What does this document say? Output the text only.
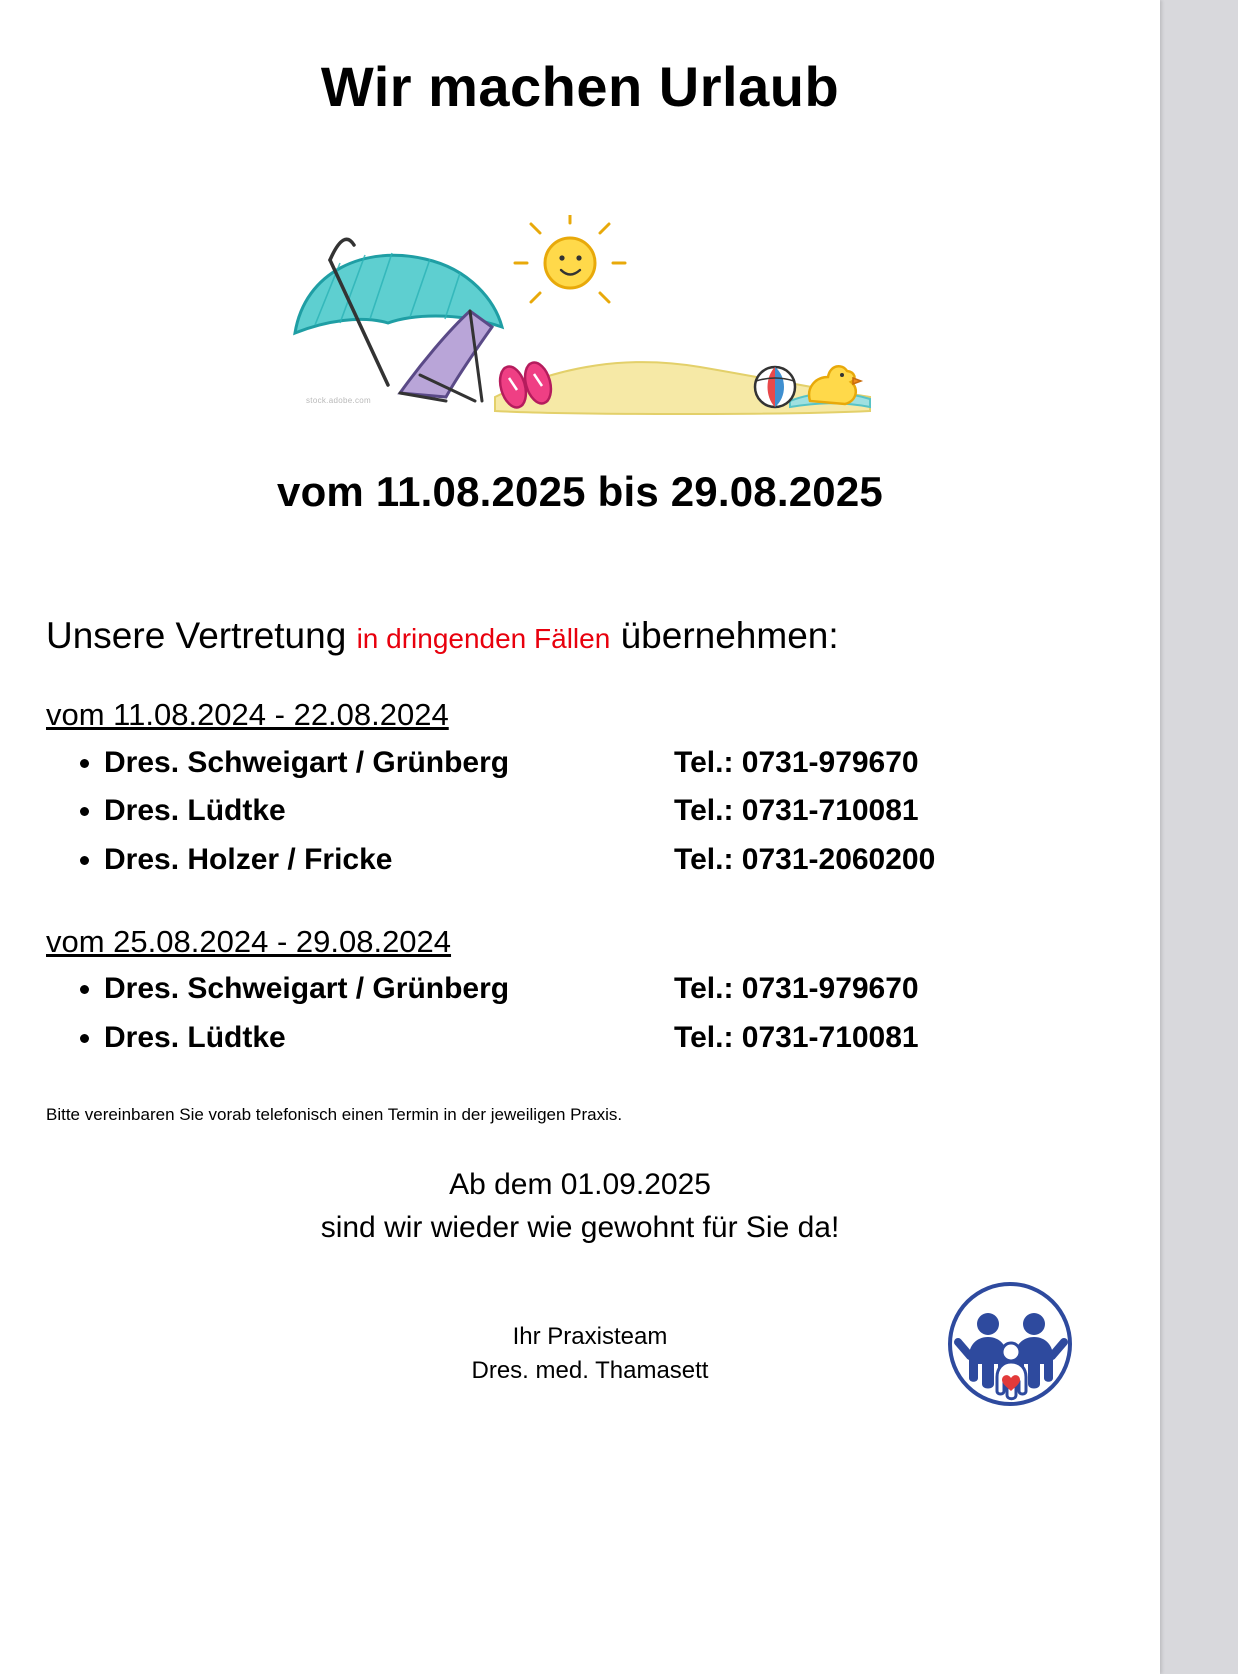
Wir machen Urlaub
stock.adobe.com
vom 11.08.2025 bis 29.08.2025
Unsere Vertretung in dringenden Fällen übernehmen:
vom 11.08.2024 - 22.08.2024
• Dres. Schweigart / Grünberg	Tel.: 0731-979670
• Dres. Lüdtke	Tel.: 0731-710081
• Dres. Holzer / Fricke	Tel.: 0731-2060200
vom 25.08.2024 - 29.08.2024
• Dres. Schweigart / Grünberg	Tel.: 0731-979670
• Dres. Lüdtke	Tel.: 0731-710081
Bitte vereinbaren Sie vorab telefonisch einen Termin in der jeweiligen Praxis.
Ab dem 01.09.2025
sind wir wieder wie gewohnt für Sie da!
Ihr Praxisteam
Dres. med. Thamasett
